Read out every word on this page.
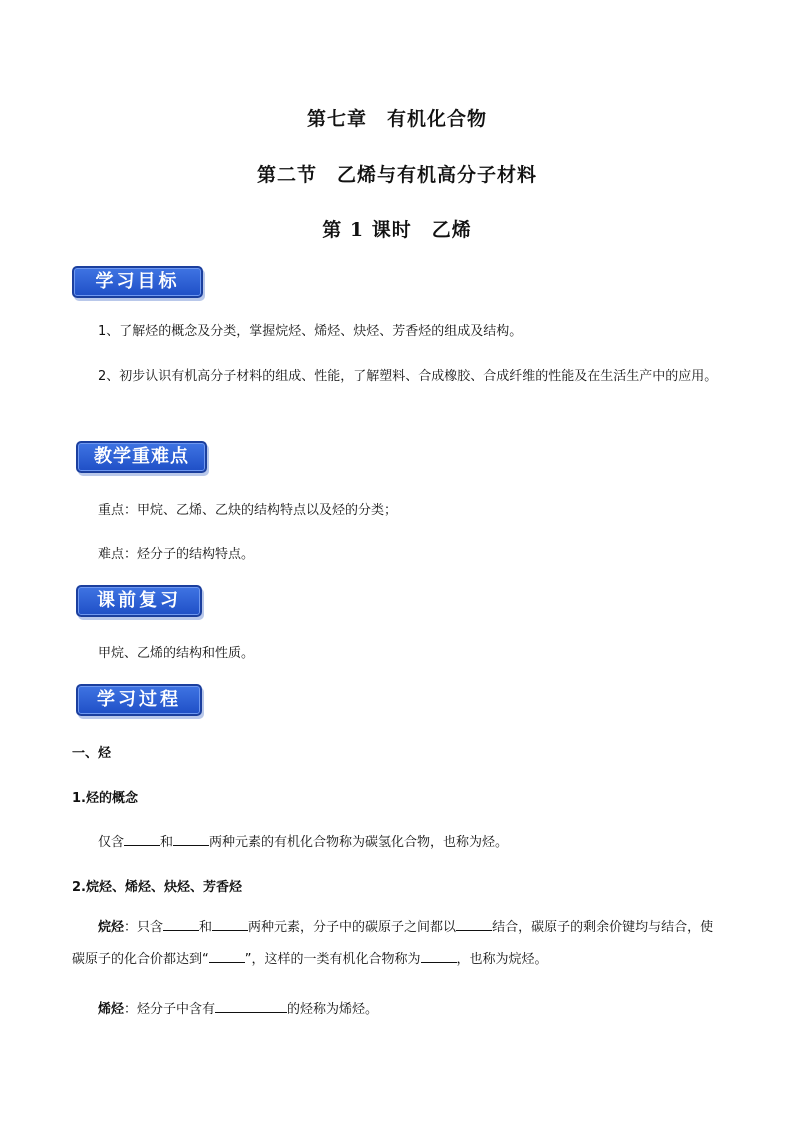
第七章　有机化合物
第二节　乙烯与有机高分子材料
第 1 课时　乙烯
学习目标

1、了解烃的概念及分类，掌握烷烃、烯烃、炔烃、芳香烃的组成及结构。

2、初步认识有机高分子材料的组成、性能，了解塑料、合成橡胶、合成纤维的性能及在生活生产中的应用。

教学重难点

重点：甲烷、乙烯、乙炔的结构特点以及烃的分类；

难点：烃分子的结构特点。

课前复习

甲烷、乙烯的结构和性质。

学习过程

一、烃

1.烃的概念

仅含	和	两种元素的有机化合物称为碳氢化合物，也称为烃。

2.烷烃、烯烃、炔烃、芳香烃

烷烃：只含	和	两种元素，分子中的碳原子之间都以	结合，碳原子的剩余价键均与结合，使碳原子的化合价都达到“	”，这样的一类有机化合物称为	，也称为烷烃。

烯烃：烃分子中含有	的烃称为烯烃。
